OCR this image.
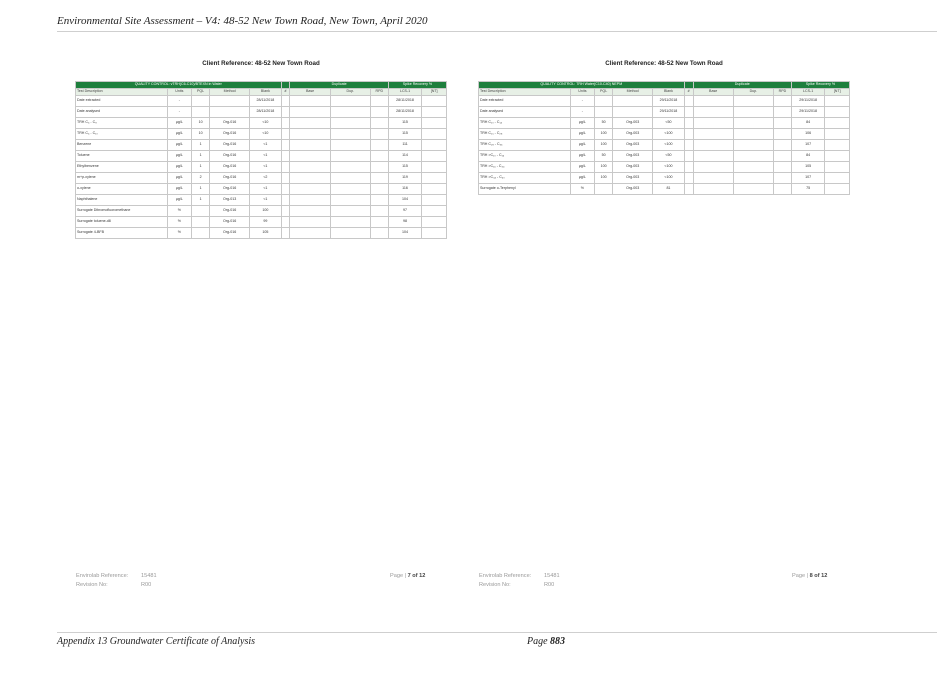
Environmental Site Assessment – V4: 48-52 New Town Road, New Town, April 2020
Client Reference: 48-52 New Town Road
QUALITY CONTROL: vTRH(C6-C10)/BTEXN in Water						Duplicate			Spike Recovery %	
Test Description	Units	PQL	Method	Blank	#	Base	Dup.	RPD	LCS-1	[NT]
Date extracted	-			28/11/2018					28/11/2018	
Date analysed	-			28/11/2018					28/11/2018	
TRH C₆ - C₉	µg/L	10	Org-016	<10					115	
TRH C₆ - C₁₀	µg/L	10	Org-016	<10					115	
Benzene	µg/L	1	Org-016	<1					111	
Toluene	µg/L	1	Org-016	<1					114	
Ethylbenzene	µg/L	1	Org-016	<1					115	
m+p-xylene	µg/L	2	Org-016	<2					119	
o-xylene	µg/L	1	Org-016	<1					116	
Naphthalene	µg/L	1	Org-013	<1					104	
Surrogate Dibromofluoromethane	%		Org-016	100					97	
Surrogate toluene-d8	%		Org-016	99					98	
Surrogate 4-BFB	%		Org-016	105					104	
Envirolab Reference: 15481
Revision No:	R00
Page | 7 of 12
Client Reference: 48-52 New Town Road
QUALITY CONTROL: TRH Water(C10-C40) NEPM						Duplicate			Spike Recovery %	
Test Description	Units	PQL	Method	Blank	#	Base	Dup.	RPD	LCS-1	[NT]
Date extracted	-			29/11/2018					29/11/2018	
Date analysed	-			29/11/2018					29/11/2018	
TRH C₁₀ - C₁₄	µg/L	50	Org-003	<50					84	
TRH C₁₅ - C₂₈	µg/L	100	Org-003	<100					106	
TRH C₂₉ - C₃₆	µg/L	100	Org-003	<100					107	
TRH >C₁₀ - C₁₆	µg/L	50	Org-003	<50					84	
TRH >C₁₆ - C₃₄	µg/L	100	Org-003	<100					105	
TRH >C₃₄ - C₄₀	µg/L	100	Org-003	<100					107	
Surrogate o-Terphenyl	%		Org-003	81					75	
Envirolab Reference: 15481
Revision No:	R00
Page | 8 of 12
Appendix 13 Groundwater Certificate of Analysis	Page 883
